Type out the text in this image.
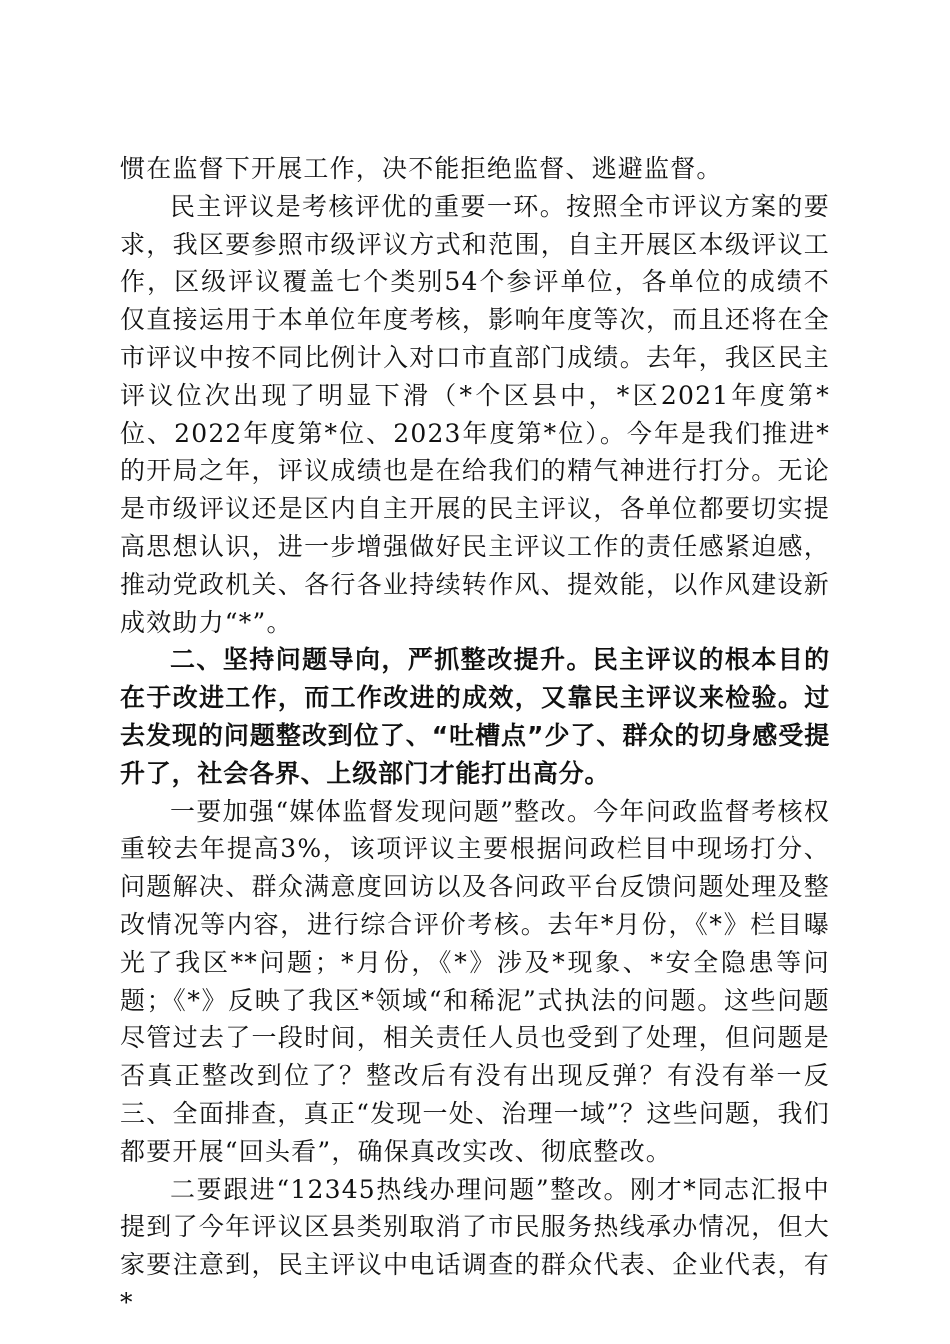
惯在监督下开展工作，决不能拒绝监督、逃避监督。

民主评议是考核评优的重要一环。按照全市评议方案的要求，我区要参照市级评议方式和范围，自主开展区本级评议工作，区级评议覆盖七个类别54个参评单位，各单位的成绩不仅直接运用于本单位年度考核，影响年度等次，而且还将在全市评议中按不同比例计入对口市直部门成绩。去年，我区民主评议位次出现了明显下滑（*个区县中，*区2021年度第*位、2022年度第*位、2023年度第*位）。今年是我们推进*的开局之年，评议成绩也是在给我们的精气神进行打分。无论是市级评议还是区内自主开展的民主评议，各单位都要切实提高思想认识，进一步增强做好民主评议工作的责任感紧迫感，推动党政机关、各行各业持续转作风、提效能，以作风建设新成效助力“*”。

二、坚持问题导向，严抓整改提升。民主评议的根本目的在于改进工作，而工作改进的成效，又靠民主评议来检验。过去发现的问题整改到位了、“吐槽点”少了、群众的切身感受提升了，社会各界、上级部门才能打出高分。

一要加强“媒体监督发现问题”整改。今年问政监督考核权重较去年提高3%，该项评议主要根据问政栏目中现场打分、问题解决、群众满意度回访以及各问政平台反馈问题处理及整改情况等内容，进行综合评价考核。去年*月份，《*》栏目曝光了我区**问题；*月份，《*》涉及*现象、*安全隐患等问题；《*》反映了我区*领域“和稀泥”式执法的问题。这些问题尽管过去了一段时间，相关责任人员也受到了处理，但问题是否真正整改到位了？整改后有没有出现反弹？有没有举一反三、全面排查，真正“发现一处、治理一域”？这些问题，我们都要开展“回头看”，确保真改实改、彻底整改。

二要跟进“12345热线办理问题”整改。刚才*同志汇报中提到了今年评议区县类别取消了市民服务热线承办情况，但大家要注意到，民主评议中电话调查的群众代表、企业代表，有*
